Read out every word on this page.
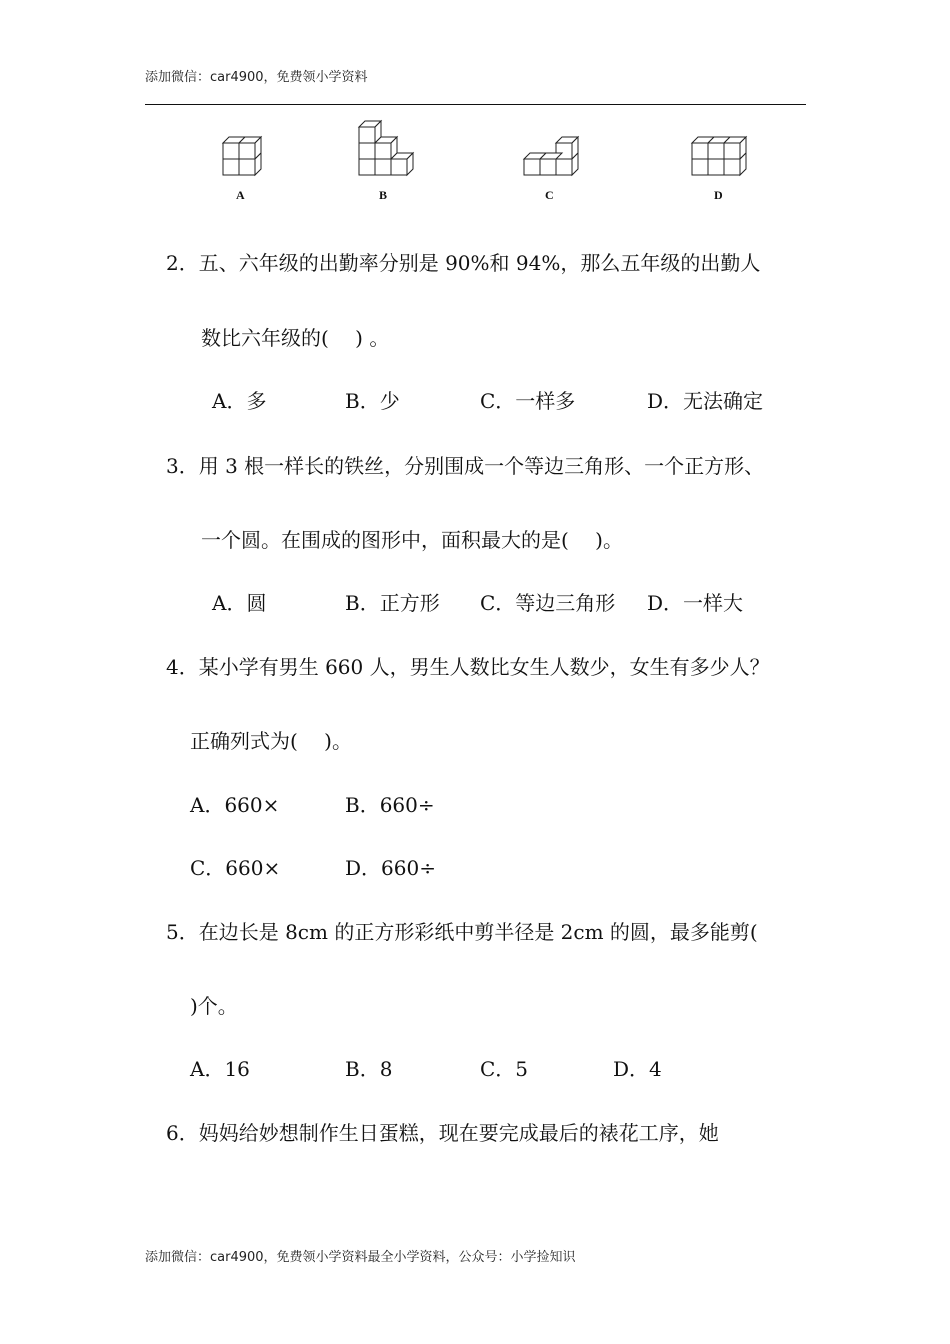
添加微信：car4900，免费领小学资料
A	B	C	D
2．五、六年级的出勤率分别是 90%和 94%，那么五年级的出勤人
数比六年级的(　 ) 。
A．多	B．少	C．一样多	D．无法确定
3．用 3 根一样长的铁丝，分别围成一个等边三角形、一个正方形、
一个圆。在围成的图形中，面积最大的是(　 )。
A．圆	B．正方形 C．等边三角形 D．一样大
4．某小学有男生 660 人，男生人数比女生人数少，女生有多少人？
正确列式为(　 )。
A．660×	B．660÷
C．660×	D．660÷
5．在边长是 8cm 的正方形彩纸中剪半径是 2cm 的圆，最多能剪(
)个。
A．16	B．8	C．5	D．4
6．妈妈给妙想制作生日蛋糕，现在要完成最后的裱花工序，她
添加微信：car4900，免费领小学资料最全小学资料，公众号：小学捡知识
